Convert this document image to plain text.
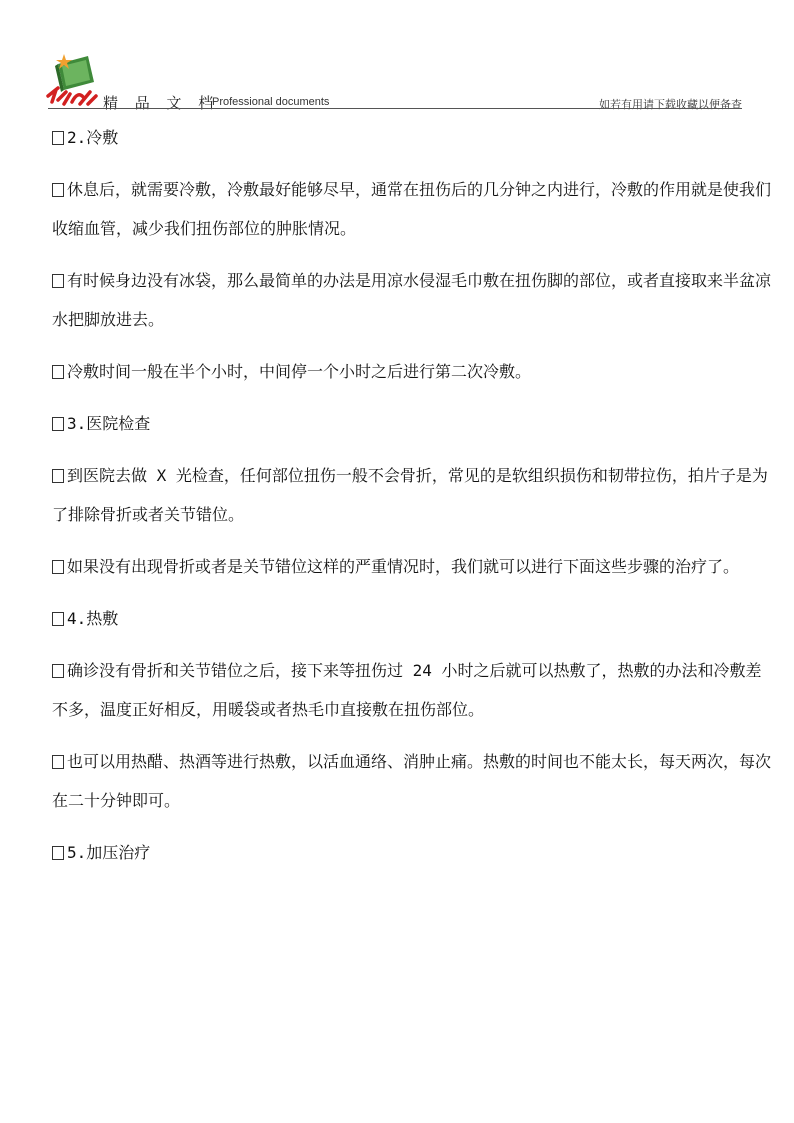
精 品 文 档
Professional documents	如若有用请下载收藏以便备查

2.冷敷

休息后，就需要冷敷，冷敷最好能够尽早，通常在扭伤后的几分钟之内进行，冷敷的作用就是使我们收缩血管，减少我们扭伤部位的肿胀情况。

有时候身边没有冰袋，那么最简单的办法是用凉水侵湿毛巾敷在扭伤脚的部位，或者直接取来半盆凉水把脚放进去。

冷敷时间一般在半个小时，中间停一个小时之后进行第二次冷敷。

3.医院检查

到医院去做 X 光检查，任何部位扭伤一般不会骨折，常见的是软组织损伤和韧带拉伤，拍片子是为了排除骨折或者关节错位。

如果没有出现骨折或者是关节错位这样的严重情况时，我们就可以进行下面这些步骤的治疗了。

4.热敷

确诊没有骨折和关节错位之后，接下来等扭伤过 24 小时之后就可以热敷了，热敷的办法和冷敷差不多，温度正好相反，用暖袋或者热毛巾直接敷在扭伤部位。

也可以用热醋、热酒等进行热敷，以活血通络、消肿止痛。热敷的时间也不能太长，每天两次，每次在二十分钟即可。

5.加压治疗
